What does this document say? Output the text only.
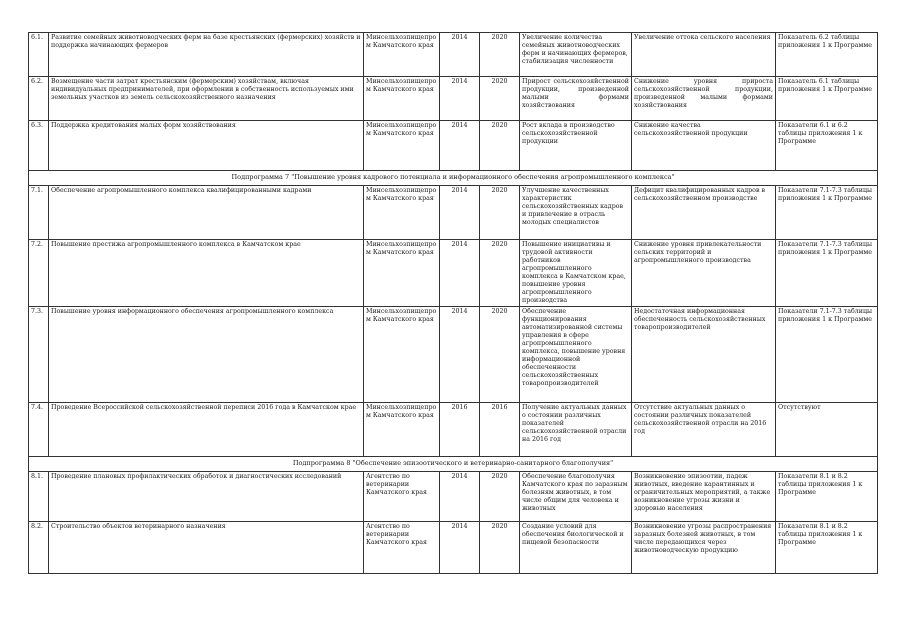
6.1.	Развитие семейных животноводческих ферм на базе крестьянских (фермерских) хозяйств и поддержка начинающих фермеров	Минсельхозпищепром Камчатского края	2014	2020	Увеличение количества семейных животноводческих ферм и начинающих фермеров, стабилизация численности	Увеличение оттока сельского населения	Показатель 6.2 таблицы приложения 1 к Программе
6.2.	Возмещение части затрат крестьянским (фермерским) хозяйствам, включая индивидуальных предпринимателей, при оформлении в собственность используемых ими земельных участков из земель сельскохозяйственного назначения	Минсельхозпищепром Камчатского края	2014	2020	Прирост сельскохозяйственной продукции, произведенной малыми формами хозяйствования	Снижение уровня прироста сельскохозяйственной продукции, произведенной малыми формами хозяйствования	Показатель 6.1 таблицы приложения 1 к Программе
6.3.	Поддержка кредитования малых форм хозяйствования	Минсельхозпищепром Камчатского края	2014	2020	Рост вклада в производство сельскохозяйственной продукции	Снижение качества сельскохозяйственной продукции	Показатели 6.1 и 6.2 таблицы приложения 1 к Программе
Подпрограмма 7 "Повышение уровня кадрового потенциала и информационного обеспечения агропромышленного комплекса"							
7.1.	Обеспечение агропромышленного комплекса квалифицированными кадрами	Минсельхозпищепром Камчатского края	2014	2020	Улучшение качественных характеристик сельскохозяйственных кадров и привлечение в отрасль молодых специалистов	Дефицит квалифицированных кадров в сельскохозяйственном производстве	Показатели 7.1-7.3 таблицы приложения 1 к Программе
7.2.	Повышение престижа агропромышленного комплекса в Камчатском крае	Минсельхозпищепром Камчатского края	2014	2020	Повышение инициативы и трудовой активности работников агропромышленного комплекса в Камчатском крае, повышение уровня агропромышленного производства	Снижение уровня привлекательности сельских территорий и агропромышленного производства	Показатели 7.1-7.3 таблицы приложения 1 к Программе
7.3.	Повышение уровня информационного обеспечения агропромышленного комплекса	Минсельхозпищепром Камчатского края	2014	2020	Обеспечение функционирования автоматизированной системы управления в сфере агропромышленного комплекса, повышение уровня информационной обеспеченности сельскохозяйственных товаропроизводителей	Недостаточная информационная обеспеченность сельскохозяйственных товаропроизводителей	Показатели 7.1-7.3 таблицы приложения 1 к Программе
7.4.	Проведение Всероссийской сельскохозяйственной переписи 2016 года в Камчатском крае	Минсельхозпищепром Камчатского края	2016	2016	Получение актуальных данных о состоянии различных показателей сельскохозяйственной отрасли на 2016 год	Отсутствие актуальных данных о состоянии различных показателей сельскохозяйственной отрасли на 2016 год	Отсутствуют
Подпрограмма 8 "Обеспечение эпизоотического и ветеринарно-санитарного благополучия"							
8.1.	Проведение плановых профилактических обработок и диагностических исследований	Агентство по ветеринарии Камчатского края	2014	2020	Обеспечение благополучия Камчатского края по заразным болезням животных, в том числе общим для человека и животных	Возникновение эпизоотии, падеж животных, введение карантинных и ограничительных мероприятий, а также возникновение угрозы жизни и здоровью населения	Показатели 8.1 и 8.2 таблицы приложения 1 к Программе
8.2.	Строительство объектов ветеринарного назначения	Агентство по ветеринарии Камчатского края	2014	2020	Создание условий для обеспечения биологической и пищевой безопасности	Возникновение угрозы распространения заразных болезней животных, в том числе передающихся через животноводческую продукцию	Показатели 8.1 и 8.2 таблицы приложения 1 к Программе
